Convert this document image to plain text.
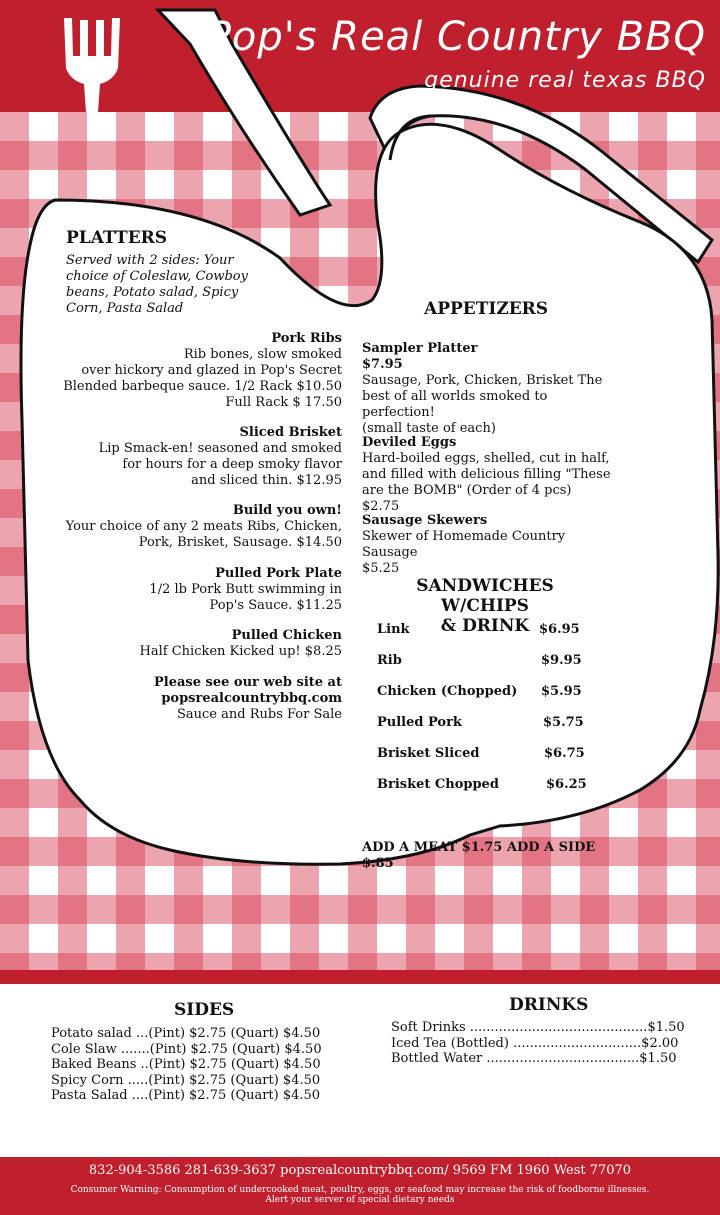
Pop's Real Country BBQ
genuine real texas BBQ
PLATTERS
Served with 2 sides: Your choice of Coleslaw, Cowboy beans, Potato salad, Spicy Corn, Pasta Salad
Pork Ribs
Rib bones, slow smoked
over hickory and glazed in Pop's Secret
Blended barbeque sauce. 1/2 Rack $10.50
Full Rack $ 17.50
Sliced Brisket
Lip Smack-en! seasoned and smoked
for hours for a deep smoky flavor
and sliced thin. $12.95
Build you own!
Your choice of any 2 meats Ribs, Chicken,
Pork, Brisket, Sausage. $14.50
Pulled Pork Plate
1/2 lb Pork Butt swimming in
Pop's Sauce. $11.25
Pulled Chicken
Half Chicken Kicked up! $8.25
Please see our web site at
popsrealcountrybbq.com
Sauce and Rubs For Sale
APPETIZERS
Sampler Platter
$7.95
Sausage, Pork, Chicken, Brisket The
best of all worlds smoked to perfection!
(small taste of each)
Deviled Eggs
Hard-boiled eggs, shelled, cut in half,
and filled with delicious filling "These
are the BOMB" (Order of 4 pcs) $2.75
Sausage Skewers
Skewer of Homemade Country Sausage
$5.25
SANDWICHES W/CHIPS
& DRINK
Link	$6.95
Rib	$9.95
Chicken (Chopped) $5.95
Pulled Pork	$5.75
Brisket Sliced	$6.75
Brisket Chopped	$6.25
ADD A MEAT $1.75 ADD A SIDE
$.85
SIDES
Potato salad ...(Pint) $2.75 (Quart) $4.50
Cole Slaw .......(Pint) $2.75 (Quart) $4.50
Baked Beans ..(Pint) $2.75 (Quart) $4.50
Spicy Corn .....(Pint) $2.75 (Quart) $4.50
Pasta Salad ....(Pint) $2.75 (Quart) $4.50
DRINKS
Soft Drinks ...........................................$1.50
Iced Tea (Bottled) ...............................$2.00
Bottled Water .....................................$1.50
832-904-3586 281-639-3637 popsrealcountrybbq.com/ 9569 FM 1960 West 77070
Consumer Warning: Consumption of undercooked meat, poultry, eggs, or seafood may increase the risk of foodborne illnesses.
Alert your server of special dietary needs
